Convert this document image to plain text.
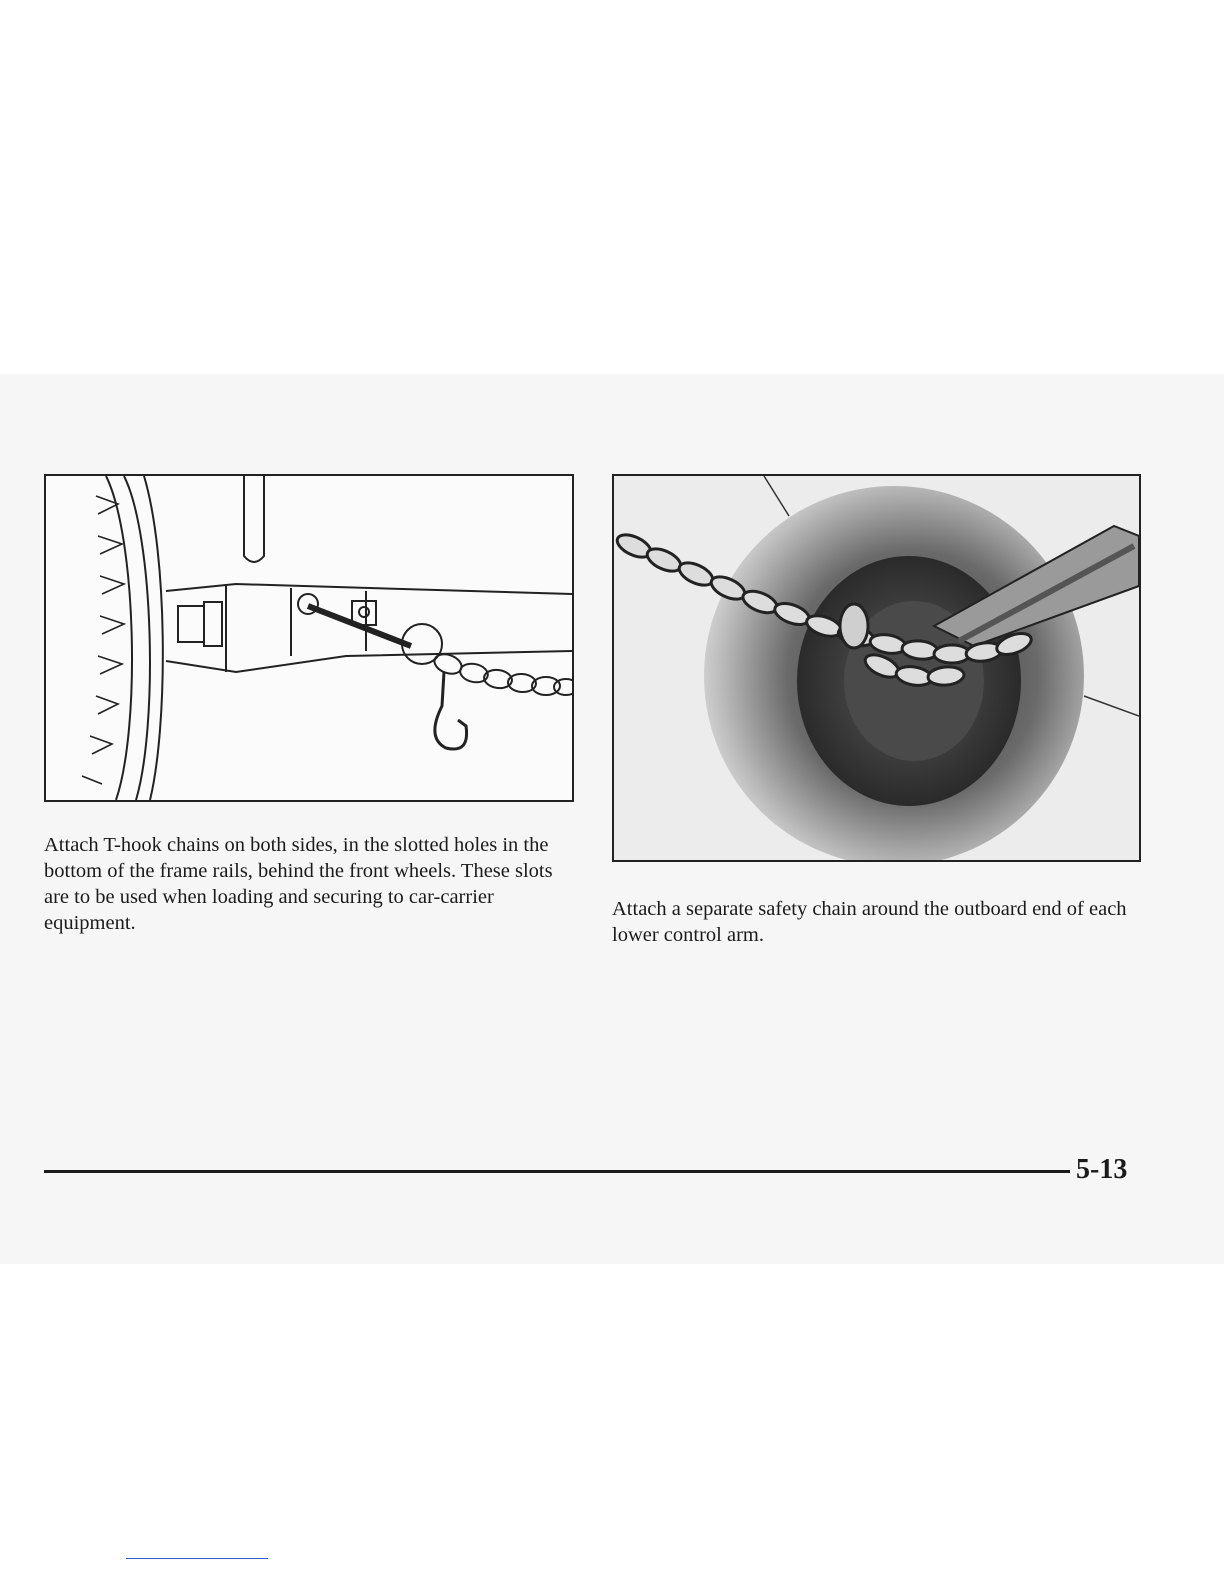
Attach T-hook chains on both sides, in the slotted holes in the bottom of the frame rails, behind the front wheels. These slots are to be used when loading and securing to car-carrier equipment.

Attach a separate safety chain around the outboard end of each lower control arm.

5-13
